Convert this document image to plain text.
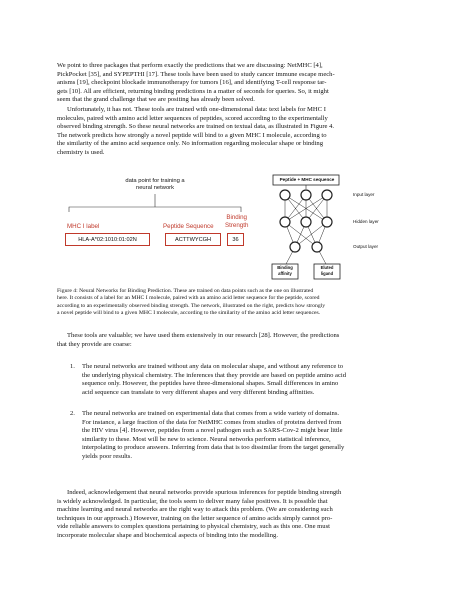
We point to three packages that perform exactly the predictions that we are discussing: NetMHC [4],
PickPocket [35], and SYPEPTHI [17]. These tools have been used to study cancer immune escape mech-
anisms [19], checkpoint blockade immunotherapy for tumors [16], and identifying T-cell response tar-
gets [10]. All are efficient, returning binding predictions in a matter of seconds for queries. So, it might
seem that the grand challenge that we are positing has already been solved.
Unfortunately, it has not. These tools are trained with one-dimensional data: text labels for MHC I
molecules, paired with amino acid letter sequences of peptides, scored according to the experimentally
observed binding strength. So these neural networks are trained on textual data, as illustrated in Figure 4.
The network predicts how strongly a novel peptide will bind to a given MHC I molecule, according to
the similarity of the amino acid sequence only. No information regarding molecular shape or binding
chemistry is used.
data point for training a
neural network
MHC I label	Peptide Sequence
Binding
Strength
HLA-A*02:1010:01:02N	ACTTWYCGH	36
Peptide + MHC sequence
Input layer
Hidden layer
Output layer
Binding
affinity
Eluted
ligand
Figure 4: Neural Networks for Binding Prediction. These are trained on data points such as the one on illustrated
here. It consists of a label for an MHC I molecule, paired with an amino acid letter sequence for the peptide, scored
according to an experimentally observed binding strength. The network, illustrated on the right, predicts how strongly
a novel peptide will bind to a given MHC I molecule, according to the similarity of the amino acid letter sequences.
These tools are valuable; we have used them extensively in our research [28]. However, the predictions
that they provide are coarse:
1. The neural networks are trained without any data on molecular shape, and without any reference to
the underlying physical chemistry. The inferences that they provide are based on peptide amino acid
sequence only. However, the peptides have three-dimensional shapes. Small differences in amino
acid sequence can translate to very different shapes and very different binding affinities.
2. The neural networks are trained on experimental data that comes from a wide variety of domains.
For instance, a large fraction of the data for NetMHC comes from studies of proteins derived from
the HIV virus [4]. However, peptides from a novel pathogen such as SARS-Cov-2 might bear little
similarity to these. Most will be new to science. Neural networks perform statistical inference,
interpolating to produce answers. Inferring from data that is too dissimilar from the target generally
yields poor results.
Indeed, acknowledgement that neural networks provide spurious inferences for peptide binding strength
is widely acknowledged. In particular, the tools seem to deliver many false positives. It is possible that
machine learning and neural networks are the right way to attack this problem. (We are considering such
techniques in our approach.) However, training on the letter sequence of amino acids simply cannot pro-
vide reliable answers to complex questions pertaining to physical chemistry, such as this one. One must
incorporate molecular shape and biochemical aspects of binding into the modelling.
